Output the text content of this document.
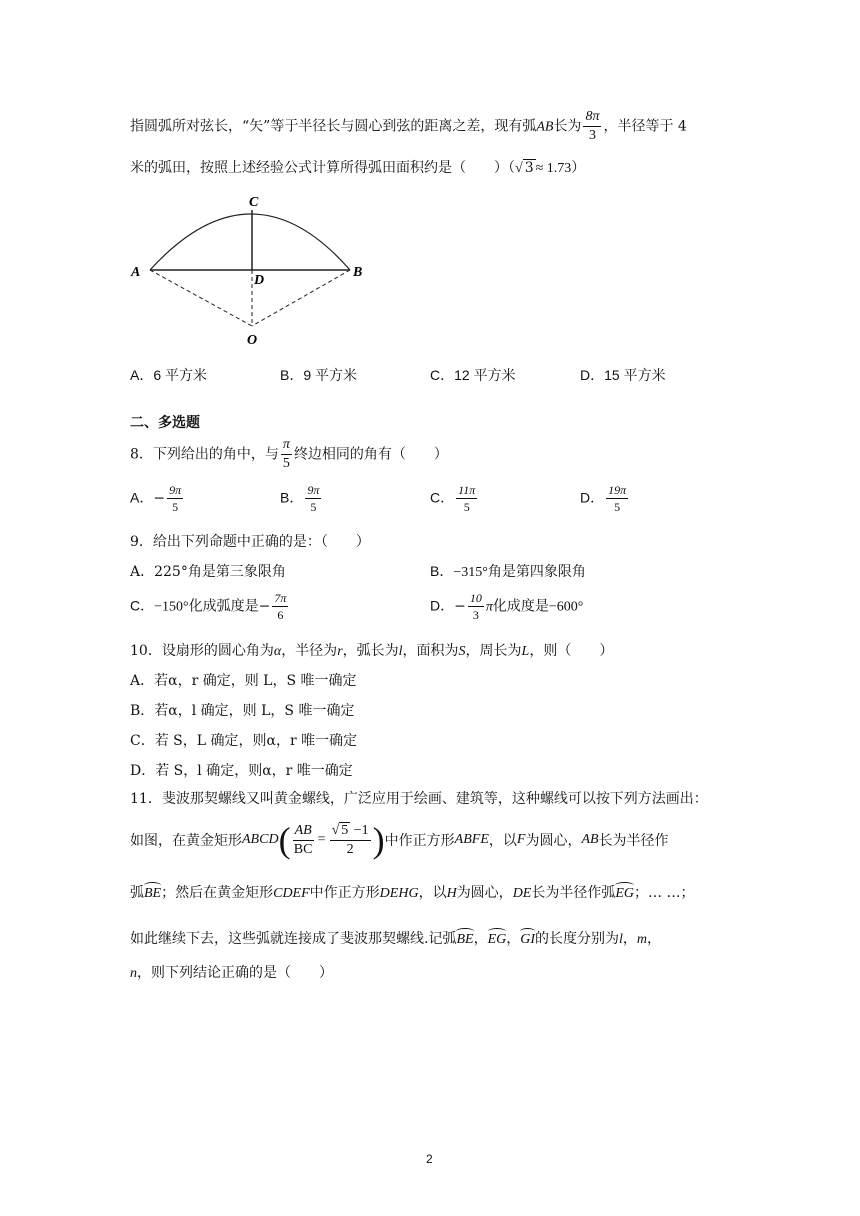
指圆弧所对弦长，“矢”等于半径长与圆心到弦的距离之差，现有弧AB长为 $\frac{8\pi}{3}$ ，半径等于 4
米的弧田，按照上述经验公式计算所得弧田面积约是（　　）（√ 3 ≈ 1.73）
C
A	B
D
O
A．6 平方米	B．9 平方米	C．12 平方米	D．15 平方米
二、多选题
8．下列给出的角中，与 $\frac{\pi}{5}$ 终边相同的角有（　　）
A．− $\frac{9\pi}{5}$	B． $\frac{9\pi}{5}$	C． $\frac{11\pi}{5}$	D． $\frac{19\pi}{5}$
9．给出下列命题中正确的是：（　　）
A．225°角是第三象限角	B．−315°角是第四象限角
C．−150°化成弧度是− $\frac{7\pi}{6}$	D．− $\frac{10}{3}$ π化成度是−600°
10．设扇形的圆心角为α，半径为r，弧长为l，面积为S，周长为L，则（　　）
A．若α，r 确定，则 L，S 唯一确定
B．若α，l 确定，则 L，S 唯一确定
C．若 S，L 确定，则α，r 唯一确定
D．若 S，l 确定，则α，r 唯一确定
11．斐波那契螺线又叫黄金螺线，广泛应用于绘画、建筑等，这种螺线可以按下列方法画出：
如图，在黄金矩形 ABCD ( $\frac{AB}{BC} = \frac{√ 5 -1}{2}$ ) 中作正方形 ABFE ，以 F 为圆心， AB 长为半径作
弧BE；然后在黄金矩形CDEF中作正方形DEHG，以H为圆心，DE长为半径作弧EG；… …；
如此继续下去，这些弧就连接成了斐波那契螺线.记弧BE，EG，GI的长度分别为l，m，
n，则下列结论正确的是（　　）
2
